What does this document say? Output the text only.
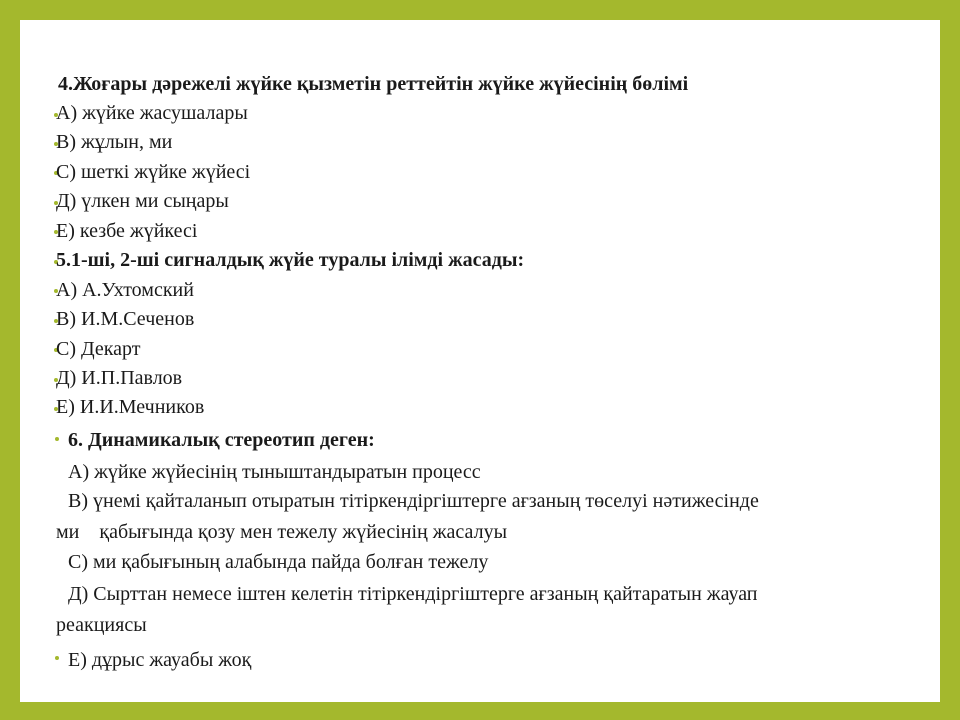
4.Жоғары дәрежелі жүйке қызметін реттейтін жүйке жүйесінің бөлімі
А) жүйке жасушалары
В) жұлын, ми
С) шеткі жүйке жүйесі
Д) үлкен ми сыңары
Е) кезбе жүйкесі
5.1-ші, 2-ші сигналдық жүйе туралы ілімді жасады:
А) А.Ухтомский
В) И.М.Сеченов
С) Декарт
Д) И.П.Павлов
Е) И.И.Мечников
6. Динамикалық стереотип деген:
А) жүйке жүйесінің тыныштандыратын процесс
В) үнемі қайталанып отыратын тітіркендіргіштерге ағзаның төселуі нәтижесінде
ми    қабығында қозу мен тежелу жүйесінің жасалуы
С) ми қабығының алабында пайда болған тежелу
Д) Сырттан немесе іштен келетін тітіркендіргіштерге ағзаның қайтаратын жауап
реакциясы
Е) дұрыс жауабы жоқ
